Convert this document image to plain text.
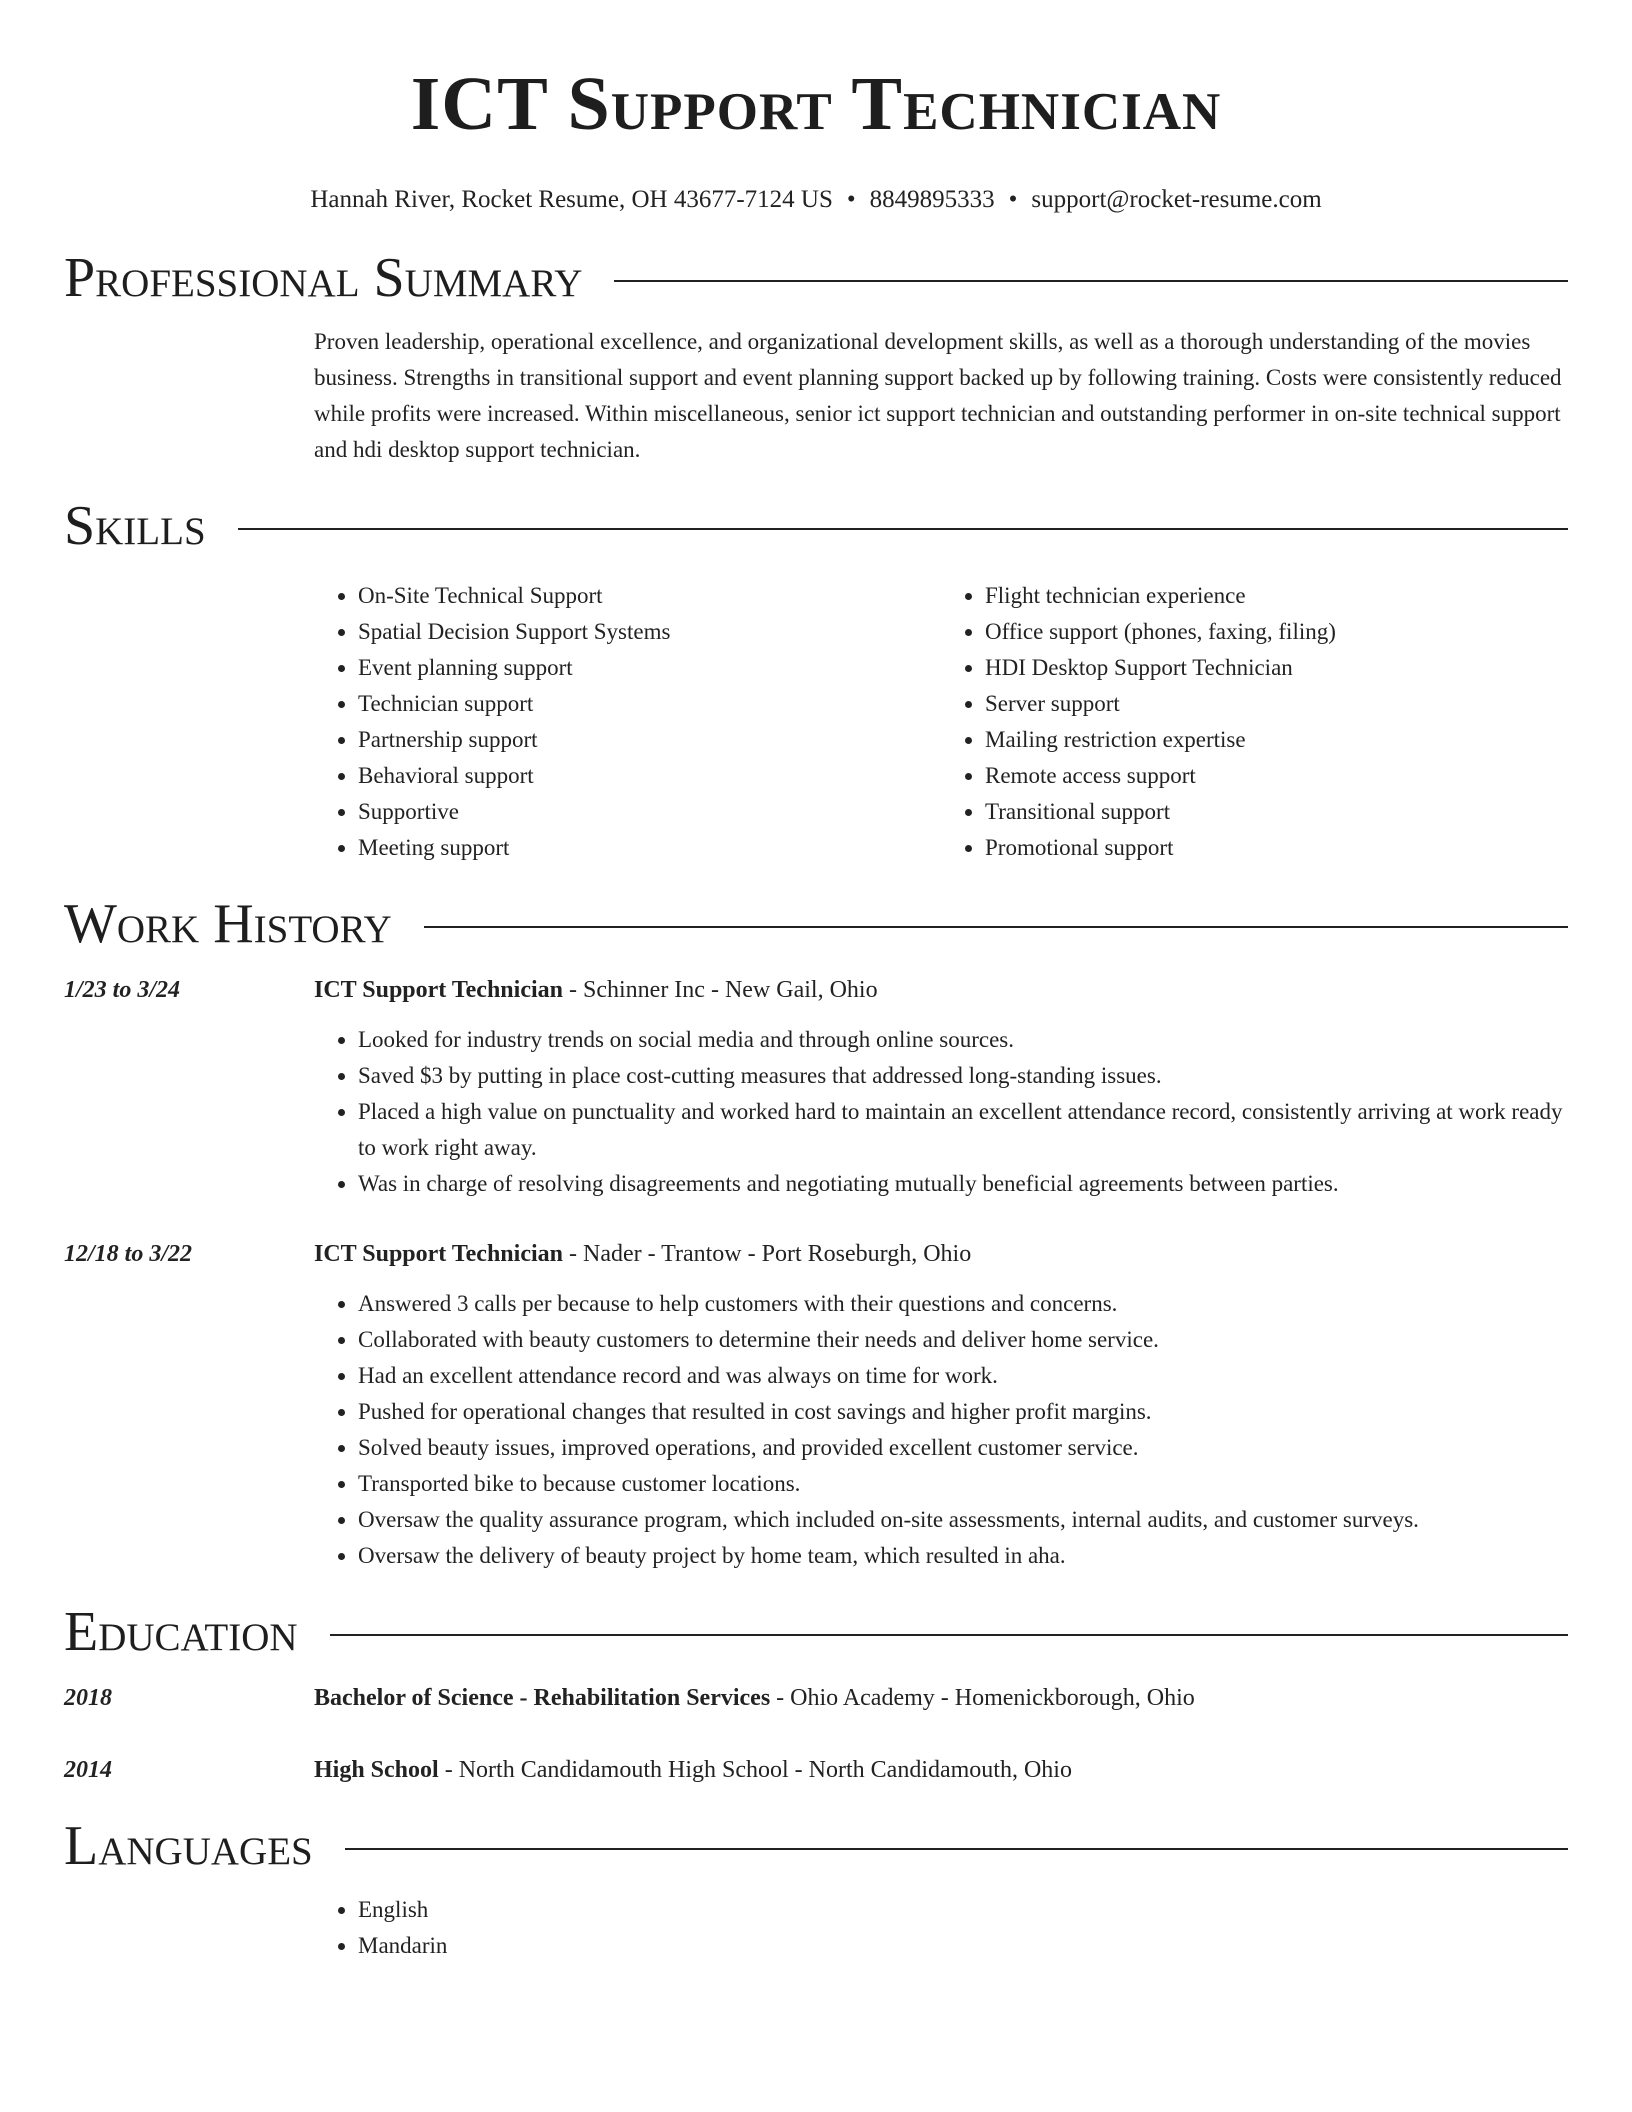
ICT Support Technician
Hannah River, Rocket Resume, OH 43677-7124 US • 8849895333 • support@rocket-resume.com
Professional Summary
Proven leadership, operational excellence, and organizational development skills, as well as a thorough understanding of the movies business. Strengths in transitional support and event planning support backed up by following training. Costs were consistently reduced while profits were increased. Within miscellaneous, senior ict support technician and outstanding performer in on-site technical support and hdi desktop support technician.
Skills
• On-Site Technical Support
• Spatial Decision Support Systems
• Event planning support
• Technician support
• Partnership support
• Behavioral support
• Supportive
• Meeting support
• Flight technician experience
• Office support (phones, faxing, filing)
• HDI Desktop Support Technician
• Server support
• Mailing restriction expertise
• Remote access support
• Transitional support
• Promotional support
Work History
1/23 to 3/24	ICT Support Technician - Schinner Inc - New Gail, Ohio
• Looked for industry trends on social media and through online sources.
• Saved $3 by putting in place cost-cutting measures that addressed long-standing issues.
• Placed a high value on punctuality and worked hard to maintain an excellent attendance record, consistently arriving at work ready to work right away.
• Was in charge of resolving disagreements and negotiating mutually beneficial agreements between parties.
12/18 to 3/22	ICT Support Technician - Nader - Trantow - Port Roseburgh, Ohio
• Answered 3 calls per because to help customers with their questions and concerns.
• Collaborated with beauty customers to determine their needs and deliver home service.
• Had an excellent attendance record and was always on time for work.
• Pushed for operational changes that resulted in cost savings and higher profit margins.
• Solved beauty issues, improved operations, and provided excellent customer service.
• Transported bike to because customer locations.
• Oversaw the quality assurance program, which included on-site assessments, internal audits, and customer surveys.
• Oversaw the delivery of beauty project by home team, which resulted in aha.
Education
2018	Bachelor of Science - Rehabilitation Services - Ohio Academy - Homenickborough, Ohio
2014	High School - North Candidamouth High School - North Candidamouth, Ohio
Languages
• English
• Mandarin
